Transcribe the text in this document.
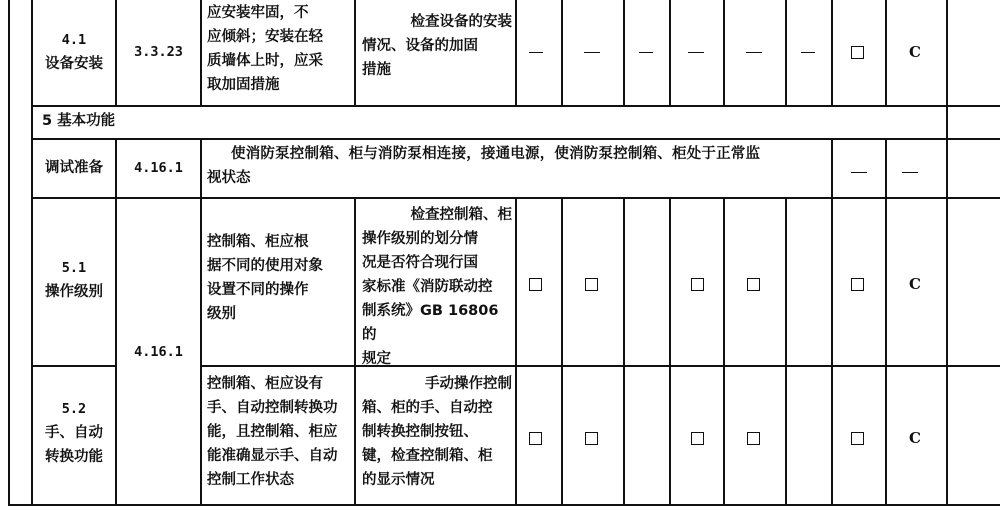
4.1
设备安装
3.3.23
应安装牢固，不
应倾斜；安装在轻
质墙体上时，应采
取加固措施
检查设备的安装
情况、设备的加固
措施
C
5 基本功能
调试准备	4.16.1
使消防泵控制箱、柜与消防泵相连接，接通电源，使消防泵控制箱、柜处于正常监
视状态
5.1
操作级别
4.16.1
控制箱、柜应根
据不同的使用对象
设置不同的操作
级别
检查控制箱、柜
操作级别的划分情
况是否符合现行国
家标准《消防联动控
制系统》GB 16806 的
规定
C
5.2
手、自动
转换功能
控制箱、柜应设有
手、自动控制转换功
能，且控制箱、柜应
能准确显示手、自动
控制工作状态
手动操作控制
箱、柜的手、自动控
制转换控制按钮、
键，检查控制箱、柜
的显示情况
C
